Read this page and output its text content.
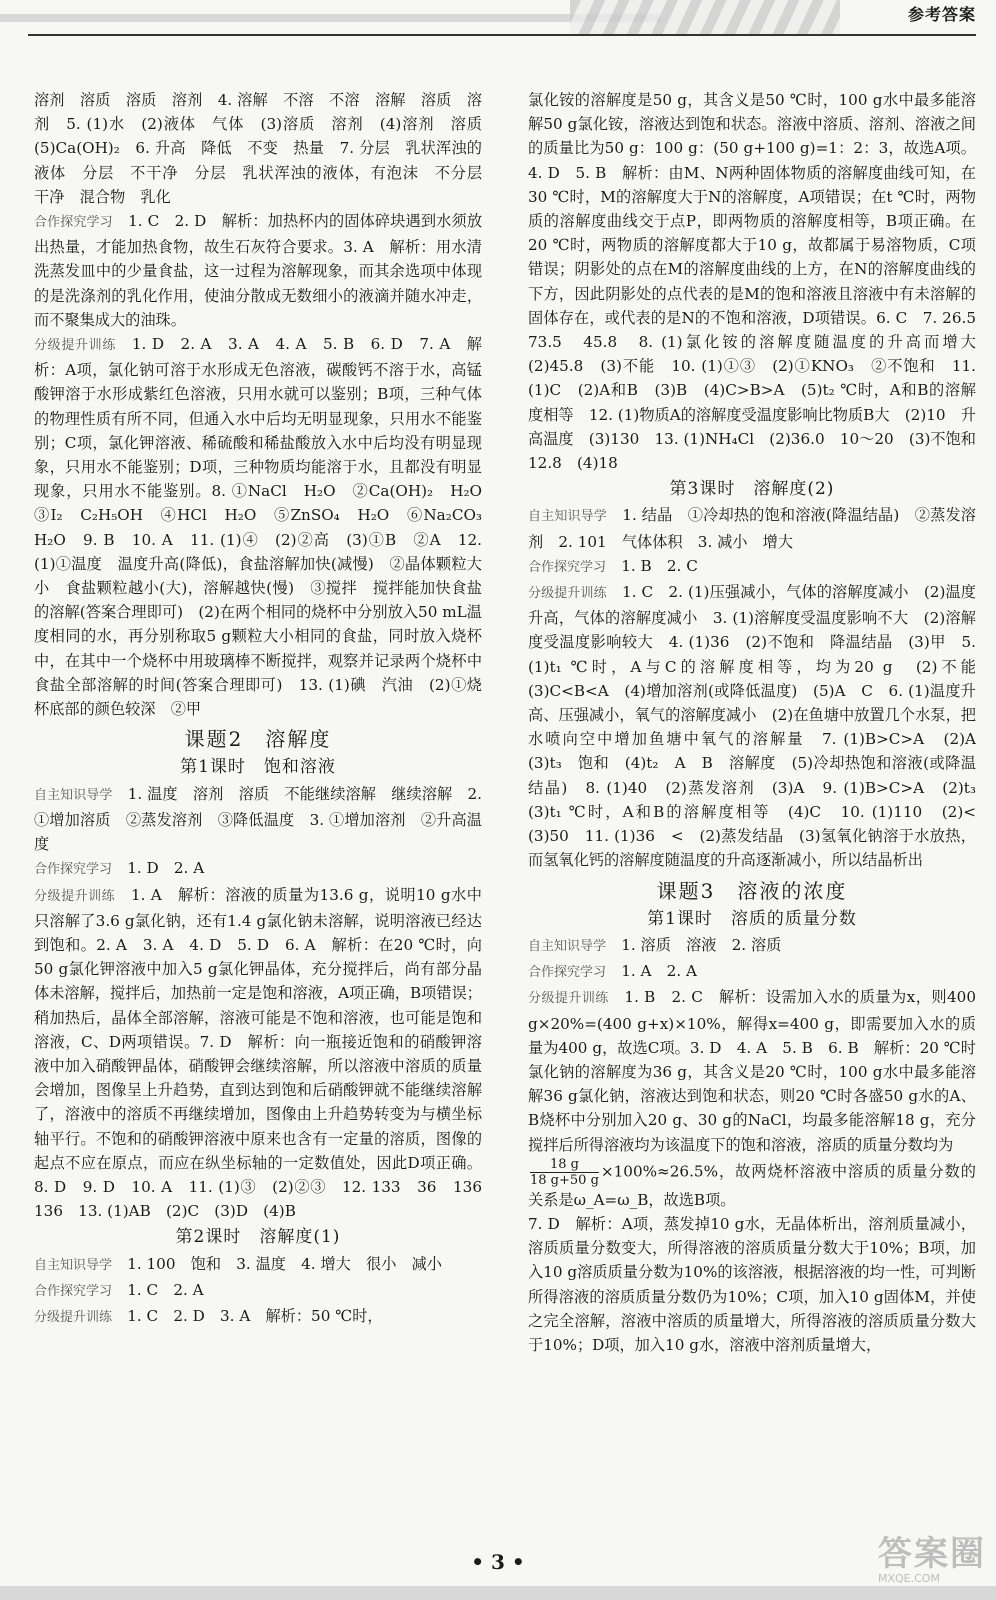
参考答案

溶剂　溶质　溶质　溶剂　4. 溶解　不溶　不溶　溶解　溶质　溶剂　5. (1)水　(2)液体　气体　(3)溶质　溶剂　(4)溶剂　溶质　(5)Ca(OH)₂　6. 升高　降低　不变　热量　7. 分层　乳状浑浊的液体　分层　不干净　分层　乳状浑浊的液体，有泡沫　不分层　干净　混合物　乳化

合作探究学习　 1. C　2. D　解析：加热杯内的固体碎块遇到水须放出热量，才能加热食物，故生石灰符合要求。3. A　解析：用水清洗蒸发皿中的少量食盐，这一过程为溶解现象，而其余选项中体现的是洗涤剂的乳化作用，使油分散成无数细小的液滴并随水冲走，而不聚集成大的油珠。

分级提升训练　 1. D　2. A　3. A　4. A　5. B　6. D　7. A　解析：A项，氯化钠可溶于水形成无色溶液，碳酸钙不溶于水，高锰酸钾溶于水形成紫红色溶液，只用水就可以鉴别；B项，三种气体的物理性质有所不同，但通入水中后均无明显现象，只用水不能鉴别；C项，氯化钾溶液、稀硫酸和稀盐酸放入水中后均没有明显现象，只用水不能鉴别；D项，三种物质均能溶于水，且都没有明显现象，只用水不能鉴别。8. ①NaCl　H₂O　②Ca(OH)₂　H₂O　③I₂　C₂H₅OH　④HCl　H₂O　⑤ZnSO₄　H₂O　⑥Na₂CO₃　H₂O　9. B　10. A　11. (1)④　(2)②高　(3)①B　②A　12. (1)①温度　温度升高(降低)，食盐溶解加快(减慢)　②晶体颗粒大小　食盐颗粒越小(大)，溶解越快(慢)　③搅拌　搅拌能加快食盐的溶解(答案合理即可)　(2)在两个相同的烧杯中分别放入50 mL温度相同的水，再分别称取5 g颗粒大小相同的食盐，同时放入烧杯中，在其中一个烧杯中用玻璃棒不断搅拌，观察并记录两个烧杯中食盐全部溶解的时间(答案合理即可)　13. (1)碘　汽油　(2)①烧杯底部的颜色较深　②甲

课题2　溶解度
第1课时　饱和溶液

自主知识导学　 1. 温度　溶剂　溶质　不能继续溶解　继续溶解　2. ①增加溶质　②蒸发溶剂　③降低温度　3. ①增加溶剂　②升高温度

合作探究学习　 1. D　2. A

分级提升训练　 1. A　解析：溶液的质量为13.6 g，说明10 g水中只溶解了3.6 g氯化钠，还有1.4 g氯化钠未溶解，说明溶液已经达到饱和。2. A　3. A　4. D　5. D　6. A　解析：在20 ℃时，向50 g氯化钾溶液中加入5 g氯化钾晶体，充分搅拌后，尚有部分晶体未溶解，搅拌后，加热前一定是饱和溶液，A项正确，B项错误；稍加热后，晶体全部溶解，溶液可能是不饱和溶液，也可能是饱和溶液，C、D两项错误。7. D　解析：向一瓶接近饱和的硝酸钾溶液中加入硝酸钾晶体，硝酸钾会继续溶解，所以溶液中溶质的质量会增加，图像呈上升趋势，直到达到饱和后硝酸钾就不能继续溶解了，溶液中的溶质不再继续增加，图像由上升趋势转变为与横坐标轴平行。不饱和的硝酸钾溶液中原来也含有一定量的溶质，图像的起点不应在原点，而应在纵坐标轴的一定数值处，因此D项正确。8. D　9. D　10. A　11. (1)③　(2)②③　12. 133　36　136　136　13. (1)AB　(2)C　(3)D　(4)B

第2课时　溶解度(1)

自主知识导学　 1. 100　饱和　3. 温度　4. 增大　很小　减小

合作探究学习　 1. C　2. A

分级提升训练　 1. C　2. D　3. A　解析：50 ℃时，

氯化铵的溶解度是50 g，其含义是50 ℃时，100 g水中最多能溶解50 g氯化铵，溶液达到饱和状态。溶液中溶质、溶剂、溶液之间的质量比为50 g：100 g：(50 g+100 g)=1：2：3，故选A项。4. D　5. B　解析：由M、N两种固体物质的溶解度曲线可知，在30 ℃时，M的溶解度大于N的溶解度，A项错误；在t ℃时，两物质的溶解度曲线交于点P，即两物质的溶解度相等，B项正确。在20 ℃时，两物质的溶解度都大于10 g，故都属于易溶物质，C项错误；阴影处的点在M的溶解度曲线的上方，在N的溶解度曲线的下方，因此阴影处的点代表的是M的饱和溶液且溶液中有未溶解的固体存在，或代表的是N的不饱和溶液，D项错误。6. C　7. 26.5　73.5　45.8　8. (1)氯化铵的溶解度随温度的升高而增大　(2)45.8　(3)不能　10. (1)①③　(2)①KNO₃　②不饱和　11. (1)C　(2)A和B　(3)B　(4)C>B>A　(5)t₂ ℃时，A和B的溶解度相等　12. (1)物质A的溶解度受温度影响比物质B大　(2)10　升高温度　(3)130　13. (1)NH₄Cl　(2)36.0　10～20　(3)不饱和　12.8　(4)18

第3课时　溶解度(2)

自主知识导学　 1. 结晶　①冷却热的饱和溶液(降温结晶)　②蒸发溶剂　2. 101　气体体积　3. 减小　增大

合作探究学习　 1. B　2. C

分级提升训练　 1. C　2. (1)压强减小，气体的溶解度减小　(2)温度升高，气体的溶解度减小　3. (1)溶解度受温度影响不大　(2)溶解度受温度影响较大　4. (1)36　(2)不饱和　降温结晶　(3)甲　5. (1)t₁ ℃时，A与C的溶解度相等，均为20 g　(2)不能　(3)C<B<A　(4)增加溶剂(或降低温度)　(5)A　C　6. (1)温度升高、压强减小，氧气的溶解度减小　(2)在鱼塘中放置几个水泵，把水喷向空中增加鱼塘中氧气的溶解量　7. (1)B>C>A　(2)A　(3)t₃　饱和　(4)t₂　A　B　溶解度　(5)冷却热饱和溶液(或降温结晶)　8. (1)40　(2)蒸发溶剂　(3)A　9. (1)B>C>A　(2)t₃　(3)t₁ ℃时，A和B的溶解度相等　(4)C　10. (1)110　(2)<　(3)50　11. (1)36　<　(2)蒸发结晶　(3)氢氧化钠溶于水放热，而氢氧化钙的溶解度随温度的升高逐渐减小，所以结晶析出

课题3　溶液的浓度
第1课时　溶质的质量分数

自主知识导学　 1. 溶质　溶液　2. 溶质

合作探究学习　 1. A　2. A

分级提升训练　 1. B　2. C　解析：设需加入水的质量为x，则400 g×20%=(400 g+x)×10%，解得x=400 g，即需要加入水的质量为400 g，故选C项。3. D　4. A　5. B　6. B　解析：20 ℃时氯化钠的溶解度为36 g，其含义是20 ℃时，100 g水中最多能溶解36 g氯化钠，溶液达到饱和状态，则20 ℃时各盛50 g水的A、B烧杯中分别加入20 g、30 g的NaCl，均最多能溶解18 g，充分搅拌后所得溶液均为该温度下的饱和溶液，溶质的质量分数均为

$\frac{18 g}{18 g+50 g} \times 100\%\approx 26.5\%$，故两烧杯溶液中溶质的质量分数的关系是ω_A=ω_B，故选B项。

7. D　解析：A项，蒸发掉10 g水，无晶体析出，溶剂质量减小，溶质质量分数变大，所得溶液的溶质质量分数大于10%；B项，加入10 g溶质质量分数为10%的该溶液，根据溶液的均一性，可判断所得溶液的溶质质量分数仍为10%；C项，加入10 g固体M，并使之完全溶解，溶液中溶质的质量增大，所得溶液的溶质质量分数大于10%；D项，加入10 g水，溶液中溶剂质量增大，

• 3 •	答案圈
MXQE.COM
